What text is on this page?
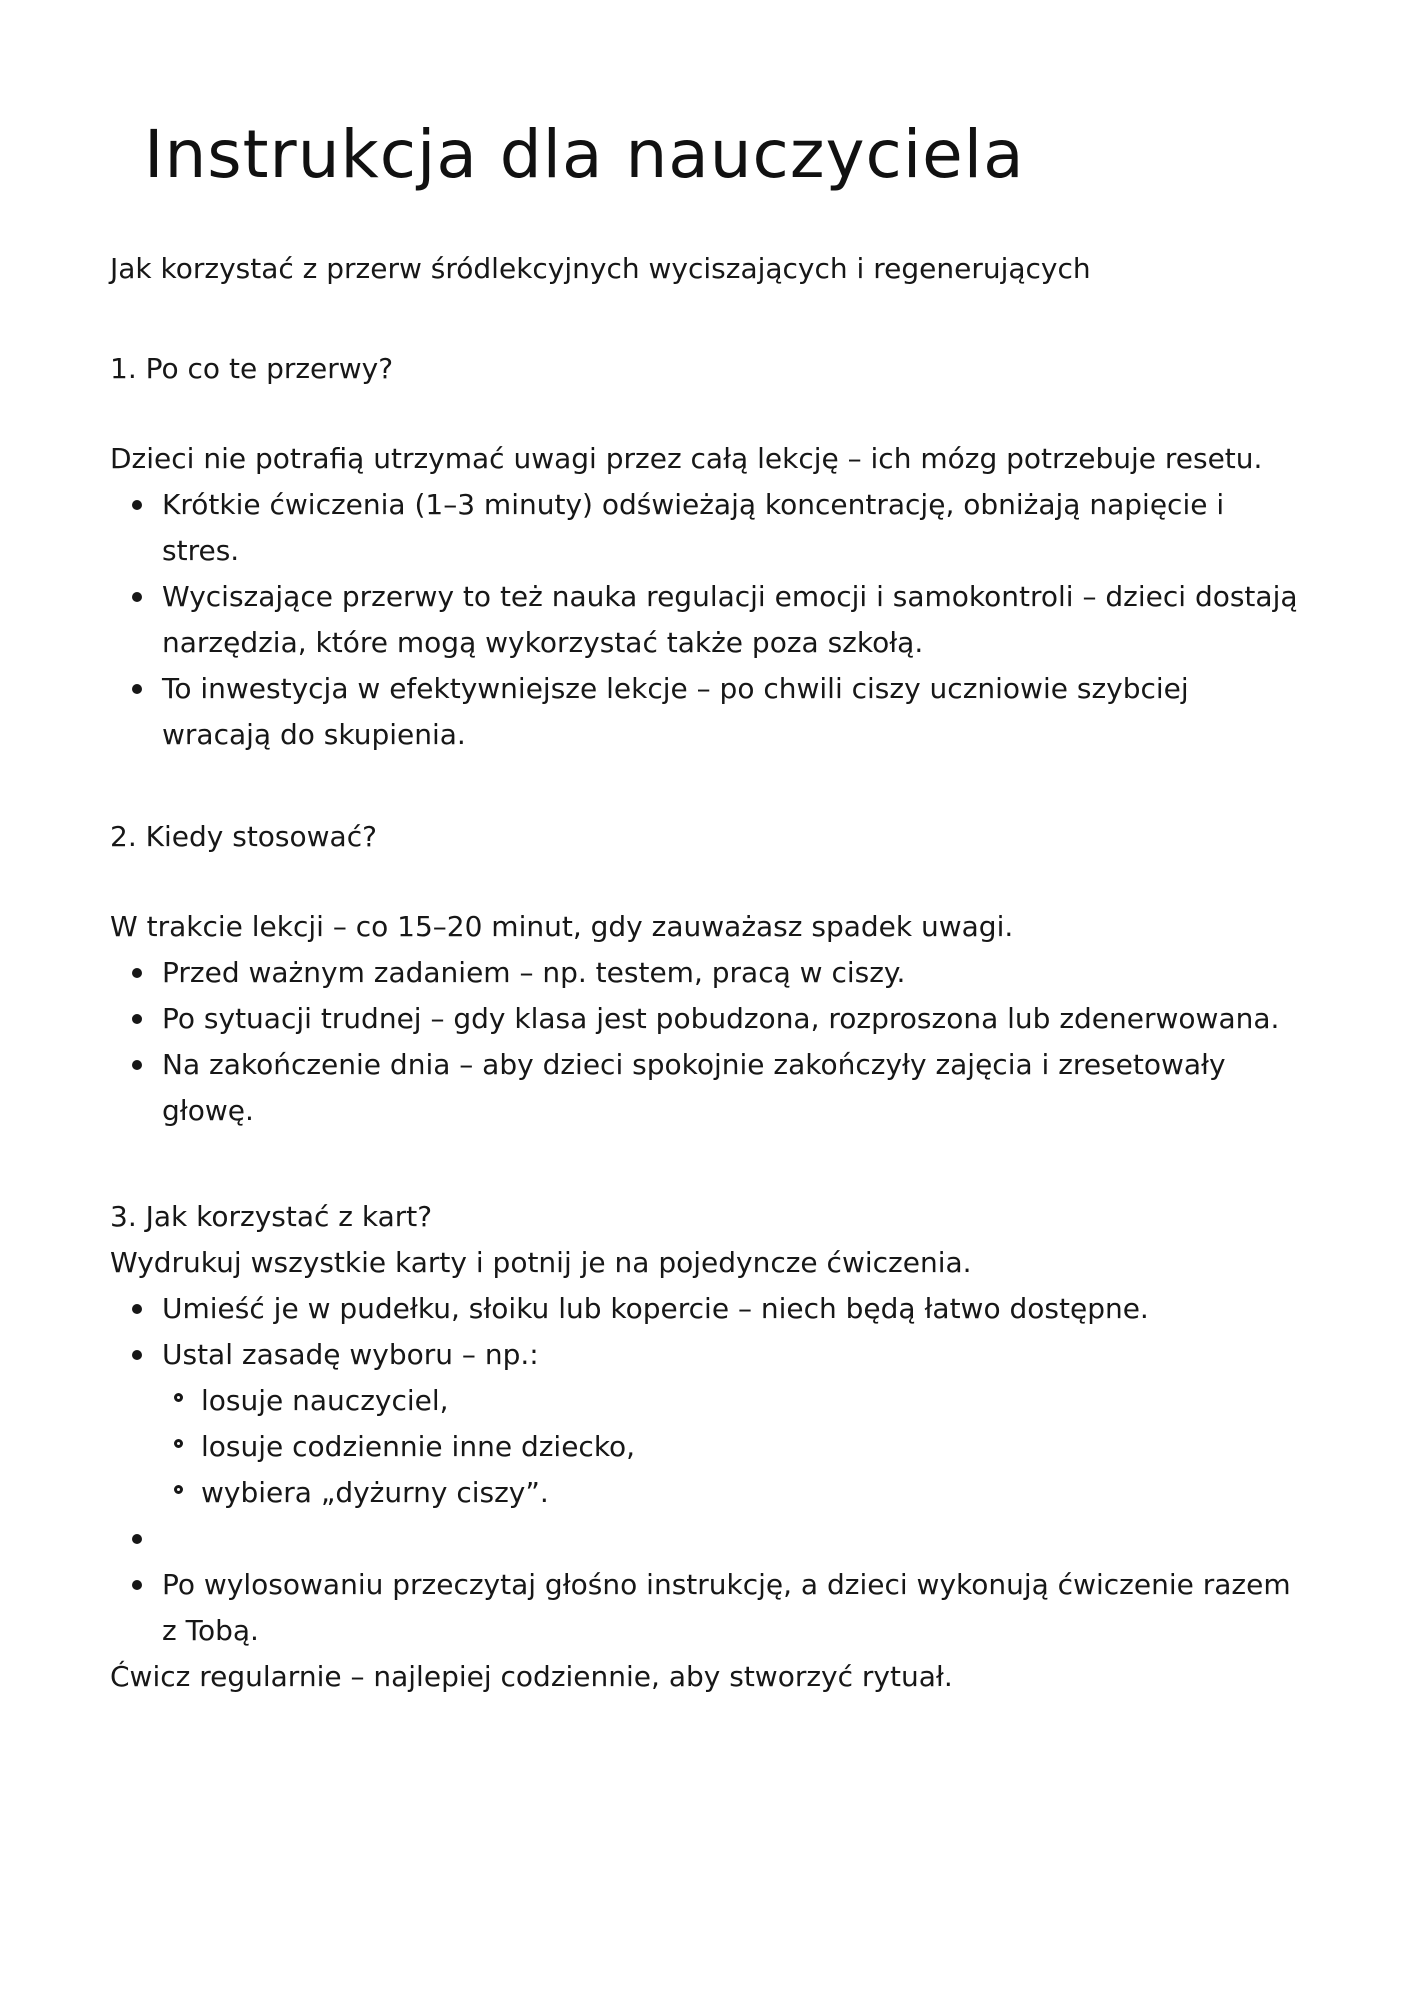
Instrukcja dla nauczyciela

Jak korzystać z przerw śródlekcyjnych wyciszających i regenerujących

1. Po co te przerwy?

Dzieci nie potrafią utrzymać uwagi przez całą lekcję – ich mózg potrzebuje resetu.

Krótkie ćwiczenia (1–3 minuty) odświeżają koncentrację, obniżają napięcie i stres.
Wyciszające przerwy to też nauka regulacji emocji i samokontroli – dzieci dostają narzędzia, które mogą wykorzystać także poza szkołą.
To inwestycja w efektywniejsze lekcje – po chwili ciszy uczniowie szybciej wracają do skupienia.

2. Kiedy stosować?

W trakcie lekcji – co 15–20 minut, gdy zauważasz spadek uwagi.

Przed ważnym zadaniem – np. testem, pracą w ciszy.
Po sytuacji trudnej – gdy klasa jest pobudzona, rozproszona lub zdenerwowana.
Na zakończenie dnia – aby dzieci spokojnie zakończyły zajęcia i zresetowały głowę.

3. Jak korzystać z kart?

Wydrukuj wszystkie karty i potnij je na pojedyncze ćwiczenia.

Umieść je w pudełku, słoiku lub kopercie – niech będą łatwo dostępne.
Ustal zasadę wyboru – np.:
losuje nauczyciel,
losuje codziennie inne dziecko,
wybiera „dyżurny ciszy”.
Po wylosowaniu przeczytaj głośno instrukcję, a dzieci wykonują ćwiczenie razem z Tobą.

Ćwicz regularnie – najlepiej codziennie, aby stworzyć rytuał.
